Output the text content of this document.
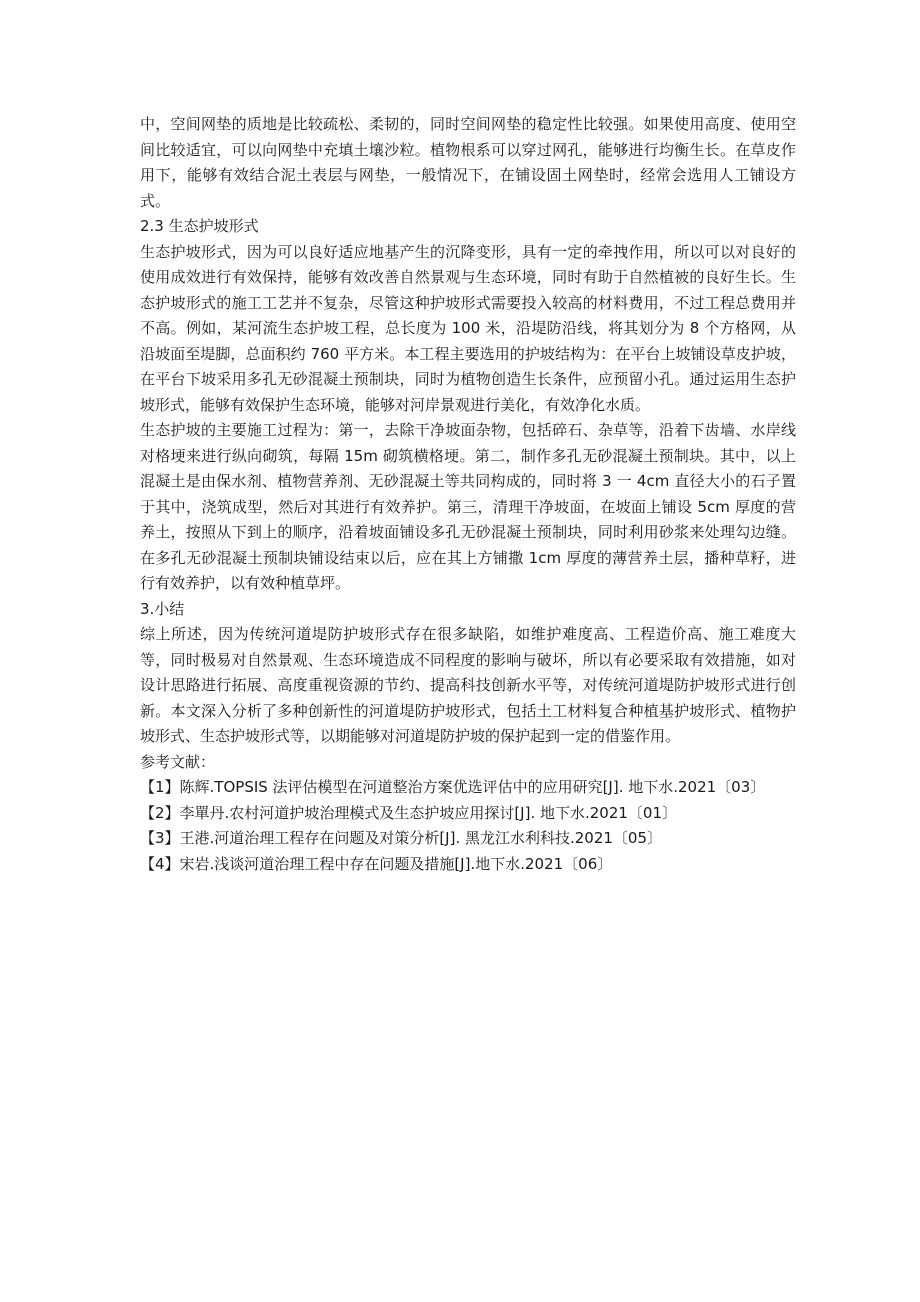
中，空间网垫的质地是比较疏松、柔韧的，同时空间网垫的稳定性比较强。如果使用高度、使用空间比较适宜，可以向网垫中充填土壤沙粒。植物根系可以穿过网孔，能够进行均衡生长。在草皮作用下，能够有效结合泥土表层与网垫，一般情况下，在铺设固土网垫时，经常会选用人工铺设方式。

2.3 生态护坡形式

生态护坡形式，因为可以良好适应地基产生的沉降变形，具有一定的牵拽作用，所以可以对良好的使用成效进行有效保持，能够有效改善自然景观与生态环境，同时有助于自然植被的良好生长。生态护坡形式的施工工艺并不复杂，尽管这种护坡形式需要投入较高的材料费用，不过工程总费用并不高。例如，某河流生态护坡工程，总长度为 100 米，沿堤防沿线，将其划分为 8 个方格网，从沿坡面至堤脚，总面积约 760 平方米。本工程主要选用的护坡结构为：在平台上坡铺设草皮护坡，在平台下坡采用多孔无砂混凝土预制块，同时为植物创造生长条件，应预留小孔。通过运用生态护坡形式，能够有效保护生态环境，能够对河岸景观进行美化，有效净化水质。

生态护坡的主要施工过程为：第一，去除干净坡面杂物，包括碎石、杂草等，沿着下齿墙、水岸线对格埂来进行纵向砌筑，每隔 15m 砌筑横格埂。第二，制作多孔无砂混凝土预制块。其中，以上混凝土是由保水剂、植物营养剂、无砂混凝土等共同构成的，同时将 3 一 4cm 直径大小的石子置于其中，浇筑成型，然后对其进行有效养护。第三，清理干净坡面，在坡面上铺设 5cm 厚度的营养土，按照从下到上的顺序，沿着坡面铺设多孔无砂混凝土预制块，同时利用砂浆来处理勾边缝。在多孔无砂混凝土预制块铺设结束以后，应在其上方铺撒 1cm 厚度的薄营养土层，播种草籽，进行有效养护，以有效种植草坪。

3.小结

综上所述，因为传统河道堤防护坡形式存在很多缺陷，如维护难度高、工程造价高、施工难度大等，同时极易对自然景观、生态环境造成不同程度的影响与破坏，所以有必要采取有效措施，如对设计思路进行拓展、高度重视资源的节约、提高科技创新水平等，对传统河道堤防护坡形式进行创新。本文深入分析了多种创新性的河道堤防护坡形式，包括土工材料复合种植基护坡形式、植物护坡形式、生态护坡形式等，以期能够对河道堤防护坡的保护起到一定的借鉴作用。

参考文献：

【1】陈辉.TOPSIS 法评估模型在河道整治方案优选评估中的应用研究[J]. 地下水.2021〔03〕

【2】李單丹.农村河道护坡治理模式及生态护坡应用探讨[J]. 地下水.2021〔01〕

【3】王港.河道治理工程存在问题及对策分析[J]. 黑龙江水利科技.2021〔05〕

【4】宋岩.浅谈河道治理工程中存在问题及措施[J].地下水.2021〔06〕
